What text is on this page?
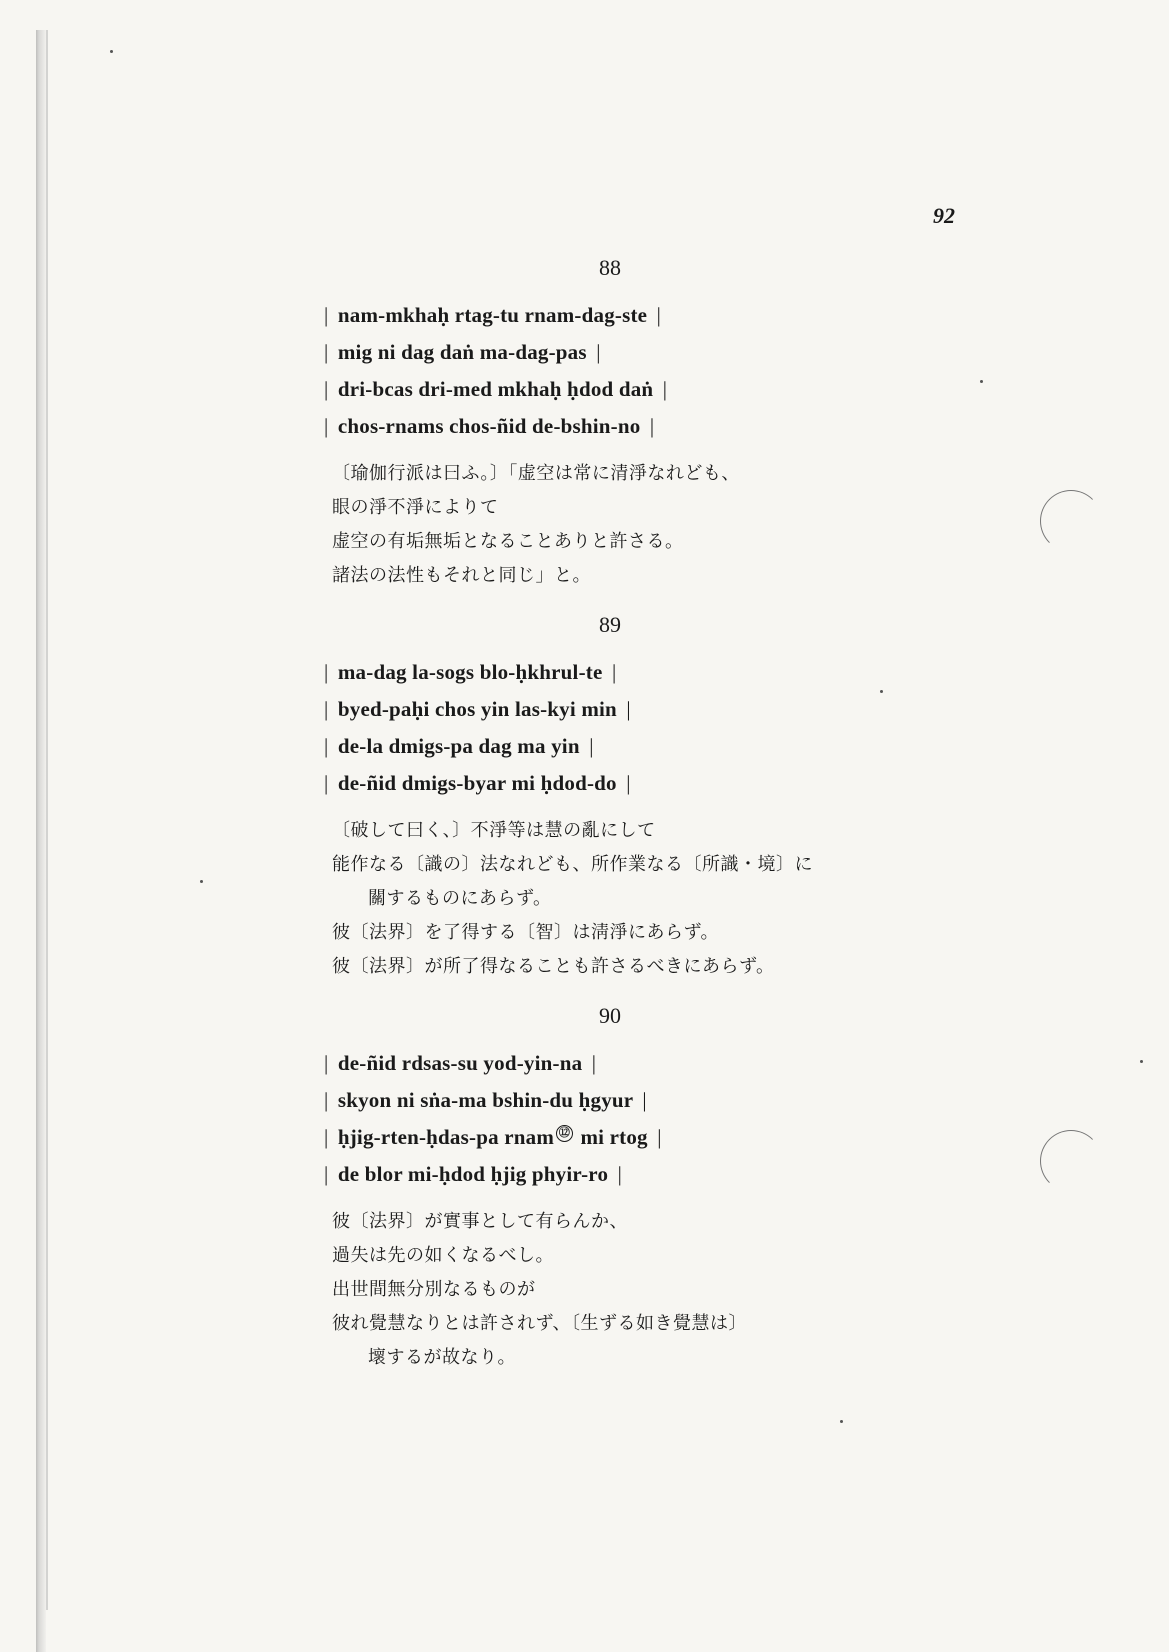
92
88
| nam-mkhaḥ rtag-tu rnam-dag-ste |
| mig ni dag daṅ ma-dag-pas |
| dri-bcas dri-med mkhaḥ ḥdod daṅ |
| chos-rnams chos-ñid de-bshin-no |
〔瑜伽行派は曰ふ。〕「虚空は常に清淨なれども、
眼の淨不淨によりて
虚空の有垢無垢となることありと許さる。
諸法の法性もそれと同じ」と。
89
| ma-dag la-sogs blo-ḥkhrul-te |
| byed-paḥi chos yin las-kyi min |
| de-la dmigs-pa dag ma yin |
| de-ñid dmigs-byar mi ḥdod-do |
〔破して曰く、〕不淨等は慧の亂にして
能作なる〔識の〕法なれども、所作業なる〔所識・境〕に
關するものにあらず。
彼〔法界〕を了得する〔智〕は淸淨にあらず。
彼〔法界〕が所了得なることも許さるべきにあらず。
90
| de-ñid rdsas-su yod-yin-na |
| skyon ni sṅa-ma bshin-du ḥgyur |
| ḥjig-rten-ḥdas-pa rnam ⑫ mi rtog |
| de blor mi-ḥdod ḥjig phyir-ro |
彼〔法界〕が實事として有らんか、
過失は先の如くなるべし。
出世間無分別なるものが
彼れ覺慧なりとは許されず、〔生ずる如き覺慧は〕
壞するが故なり。
